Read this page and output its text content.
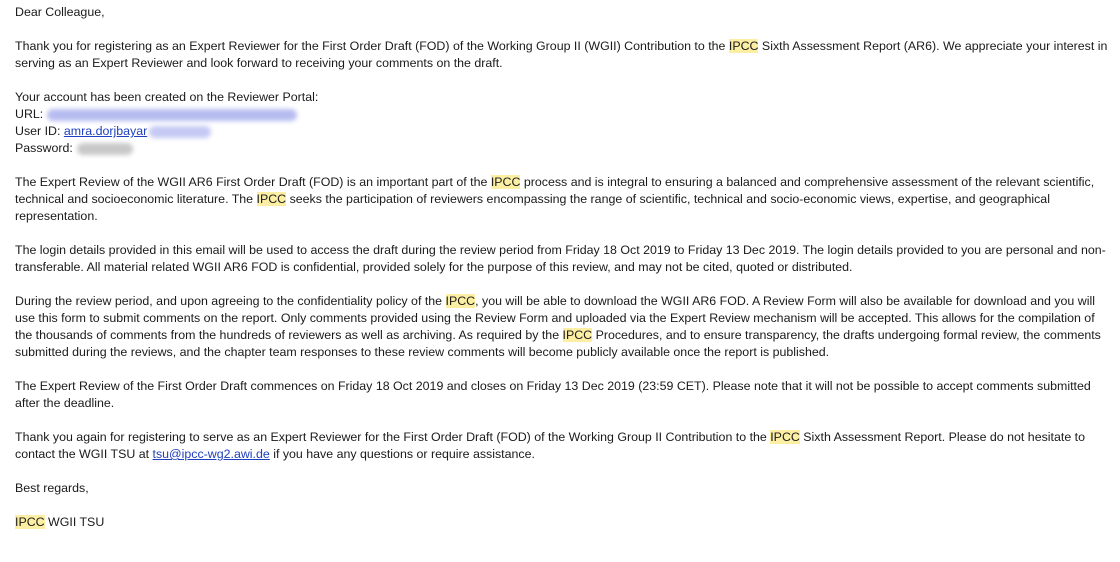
Dear Colleague,

Thank you for registering as an Expert Reviewer for the First Order Draft (FOD) of the Working Group II (WGII) Contribution to the IPCC Sixth Assessment Report (AR6). We appreciate your interest in serving as an Expert Reviewer and look forward to receiving your comments on the draft.

Your account has been created on the Reviewer Portal:
URL:
User ID: amra.dorjbayar
Password:

The Expert Review of the WGII AR6 First Order Draft (FOD) is an important part of the IPCC process and is integral to ensuring a balanced and comprehensive assessment of the relevant scientific, technical and socioeconomic literature. The IPCC seeks the participation of reviewers encompassing the range of scientific, technical and socio-economic views, expertise, and geographical representation.

The login details provided in this email will be used to access the draft during the review period from Friday 18 Oct 2019 to Friday 13 Dec 2019. The login details provided to you are personal and non-transferable. All material related WGII AR6 FOD is confidential, provided solely for the purpose of this review, and may not be cited, quoted or distributed.

During the review period, and upon agreeing to the confidentiality policy of the IPCC, you will be able to download the WGII AR6 FOD. A Review Form will also be available for download and you will use this form to submit comments on the report. Only comments provided using the Review Form and uploaded via the Expert Review mechanism will be accepted. This allows for the compilation of the thousands of comments from the hundreds of reviewers as well as archiving. As required by the IPCC Procedures, and to ensure transparency, the drafts undergoing formal review, the comments submitted during the reviews, and the chapter team responses to these review comments will become publicly available once the report is published.

The Expert Review of the First Order Draft commences on Friday 18 Oct 2019 and closes on Friday 13 Dec 2019 (23:59 CET). Please note that it will not be possible to accept comments submitted after the deadline.

Thank you again for registering to serve as an Expert Reviewer for the First Order Draft (FOD) of the Working Group II Contribution to the IPCC Sixth Assessment Report. Please do not hesitate to contact the WGII TSU at tsu@ipcc-wg2.awi.de if you have any questions or require assistance.

Best regards,

IPCC WGII TSU
